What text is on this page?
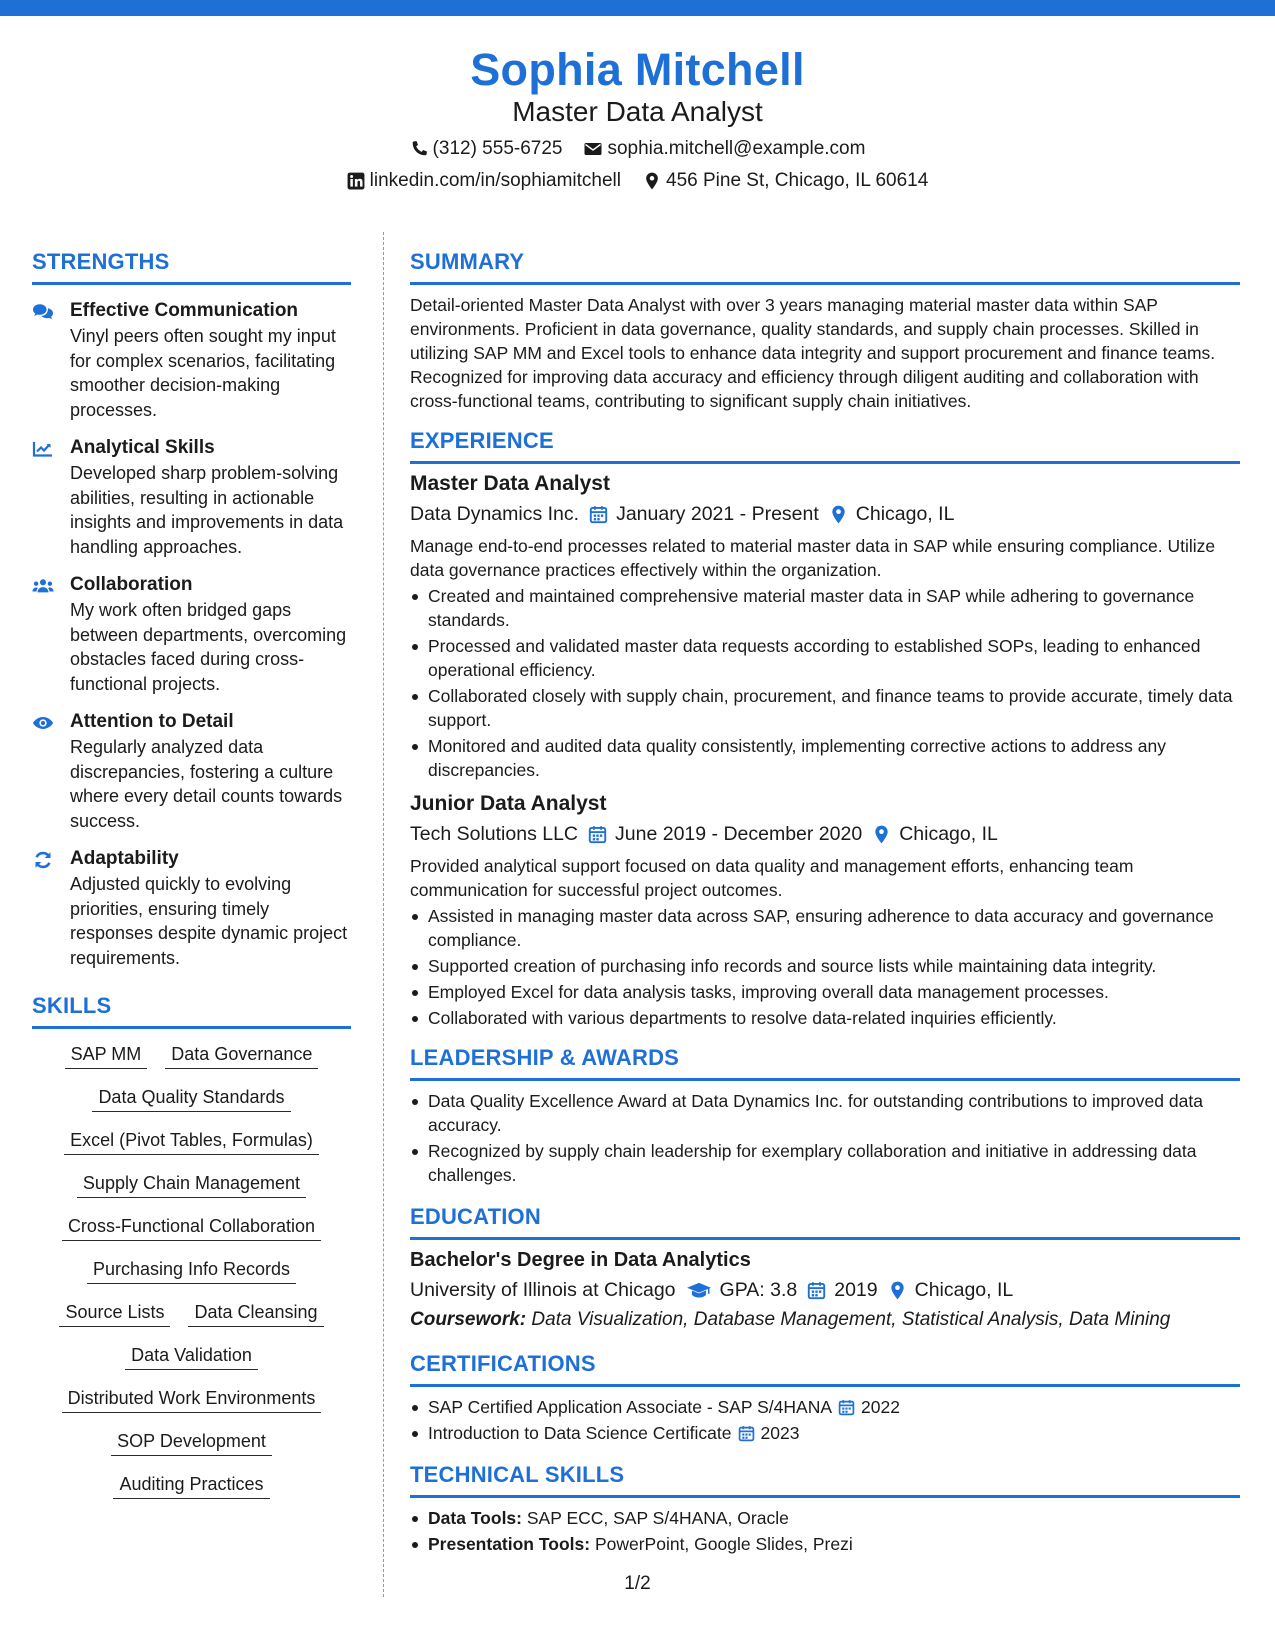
Sophia Mitchell
Master Data Analyst
(312) 555-6725 sophia.mitchell@example.com
linkedin.com/in/sophiamitchell 456 Pine St, Chicago, IL 60614
STRENGTHS
Effective Communication
Vinyl peers often sought my input for complex scenarios, facilitating smoother decision-making processes.
Analytical Skills
Developed sharp problem-solving abilities, resulting in actionable insights and improvements in data handling approaches.
Collaboration
My work often bridged gaps between departments, overcoming obstacles faced during cross-functional projects.
Attention to Detail
Regularly analyzed data discrepancies, fostering a culture where every detail counts towards success.
Adaptability
Adjusted quickly to evolving priorities, ensuring timely responses despite dynamic project requirements.
SKILLS
SAP MM	Data Governance
Data Quality Standards
Excel (Pivot Tables, Formulas)
Supply Chain Management
Cross-Functional Collaboration
Purchasing Info Records
Source Lists	Data Cleansing
Data Validation
Distributed Work Environments
SOP Development
Auditing Practices
SUMMARY
Detail-oriented Master Data Analyst with over 3 years managing material master data within SAP environments. Proficient in data governance, quality standards, and supply chain processes. Skilled in utilizing SAP MM and Excel tools to enhance data integrity and support procurement and finance teams. Recognized for improving data accuracy and efficiency through diligent auditing and collaboration with cross-functional teams, contributing to significant supply chain initiatives.
EXPERIENCE
Master Data Analyst
Data Dynamics Inc. January 2021 - Present Chicago, IL
Manage end-to-end processes related to material master data in SAP while ensuring compliance. Utilize data governance practices effectively within the organization.
Created and maintained comprehensive material master data in SAP while adhering to governance standards.
Processed and validated master data requests according to established SOPs, leading to enhanced operational efficiency.
Collaborated closely with supply chain, procurement, and finance teams to provide accurate, timely data support.
Monitored and audited data quality consistently, implementing corrective actions to address any discrepancies.
Junior Data Analyst
Tech Solutions LLC June 2019 - December 2020 Chicago, IL
Provided analytical support focused on data quality and management efforts, enhancing team communication for successful project outcomes.
Assisted in managing master data across SAP, ensuring adherence to data accuracy and governance compliance.
Supported creation of purchasing info records and source lists while maintaining data integrity.
Employed Excel for data analysis tasks, improving overall data management processes.
Collaborated with various departments to resolve data-related inquiries efficiently.
LEADERSHIP & AWARDS
Data Quality Excellence Award at Data Dynamics Inc. for outstanding contributions to improved data accuracy.
Recognized by supply chain leadership for exemplary collaboration and initiative in addressing data challenges.
EDUCATION
Bachelor's Degree in Data Analytics
University of Illinois at Chicago GPA: 3.8 2019 Chicago, IL
Coursework: Data Visualization, Database Management, Statistical Analysis, Data Mining
CERTIFICATIONS
SAP Certified Application Associate - SAP S/4HANA 2022
Introduction to Data Science Certificate 2023
TECHNICAL SKILLS
Data Tools: SAP ECC, SAP S/4HANA, Oracle
Presentation Tools: PowerPoint, Google Slides, Prezi
1/2
